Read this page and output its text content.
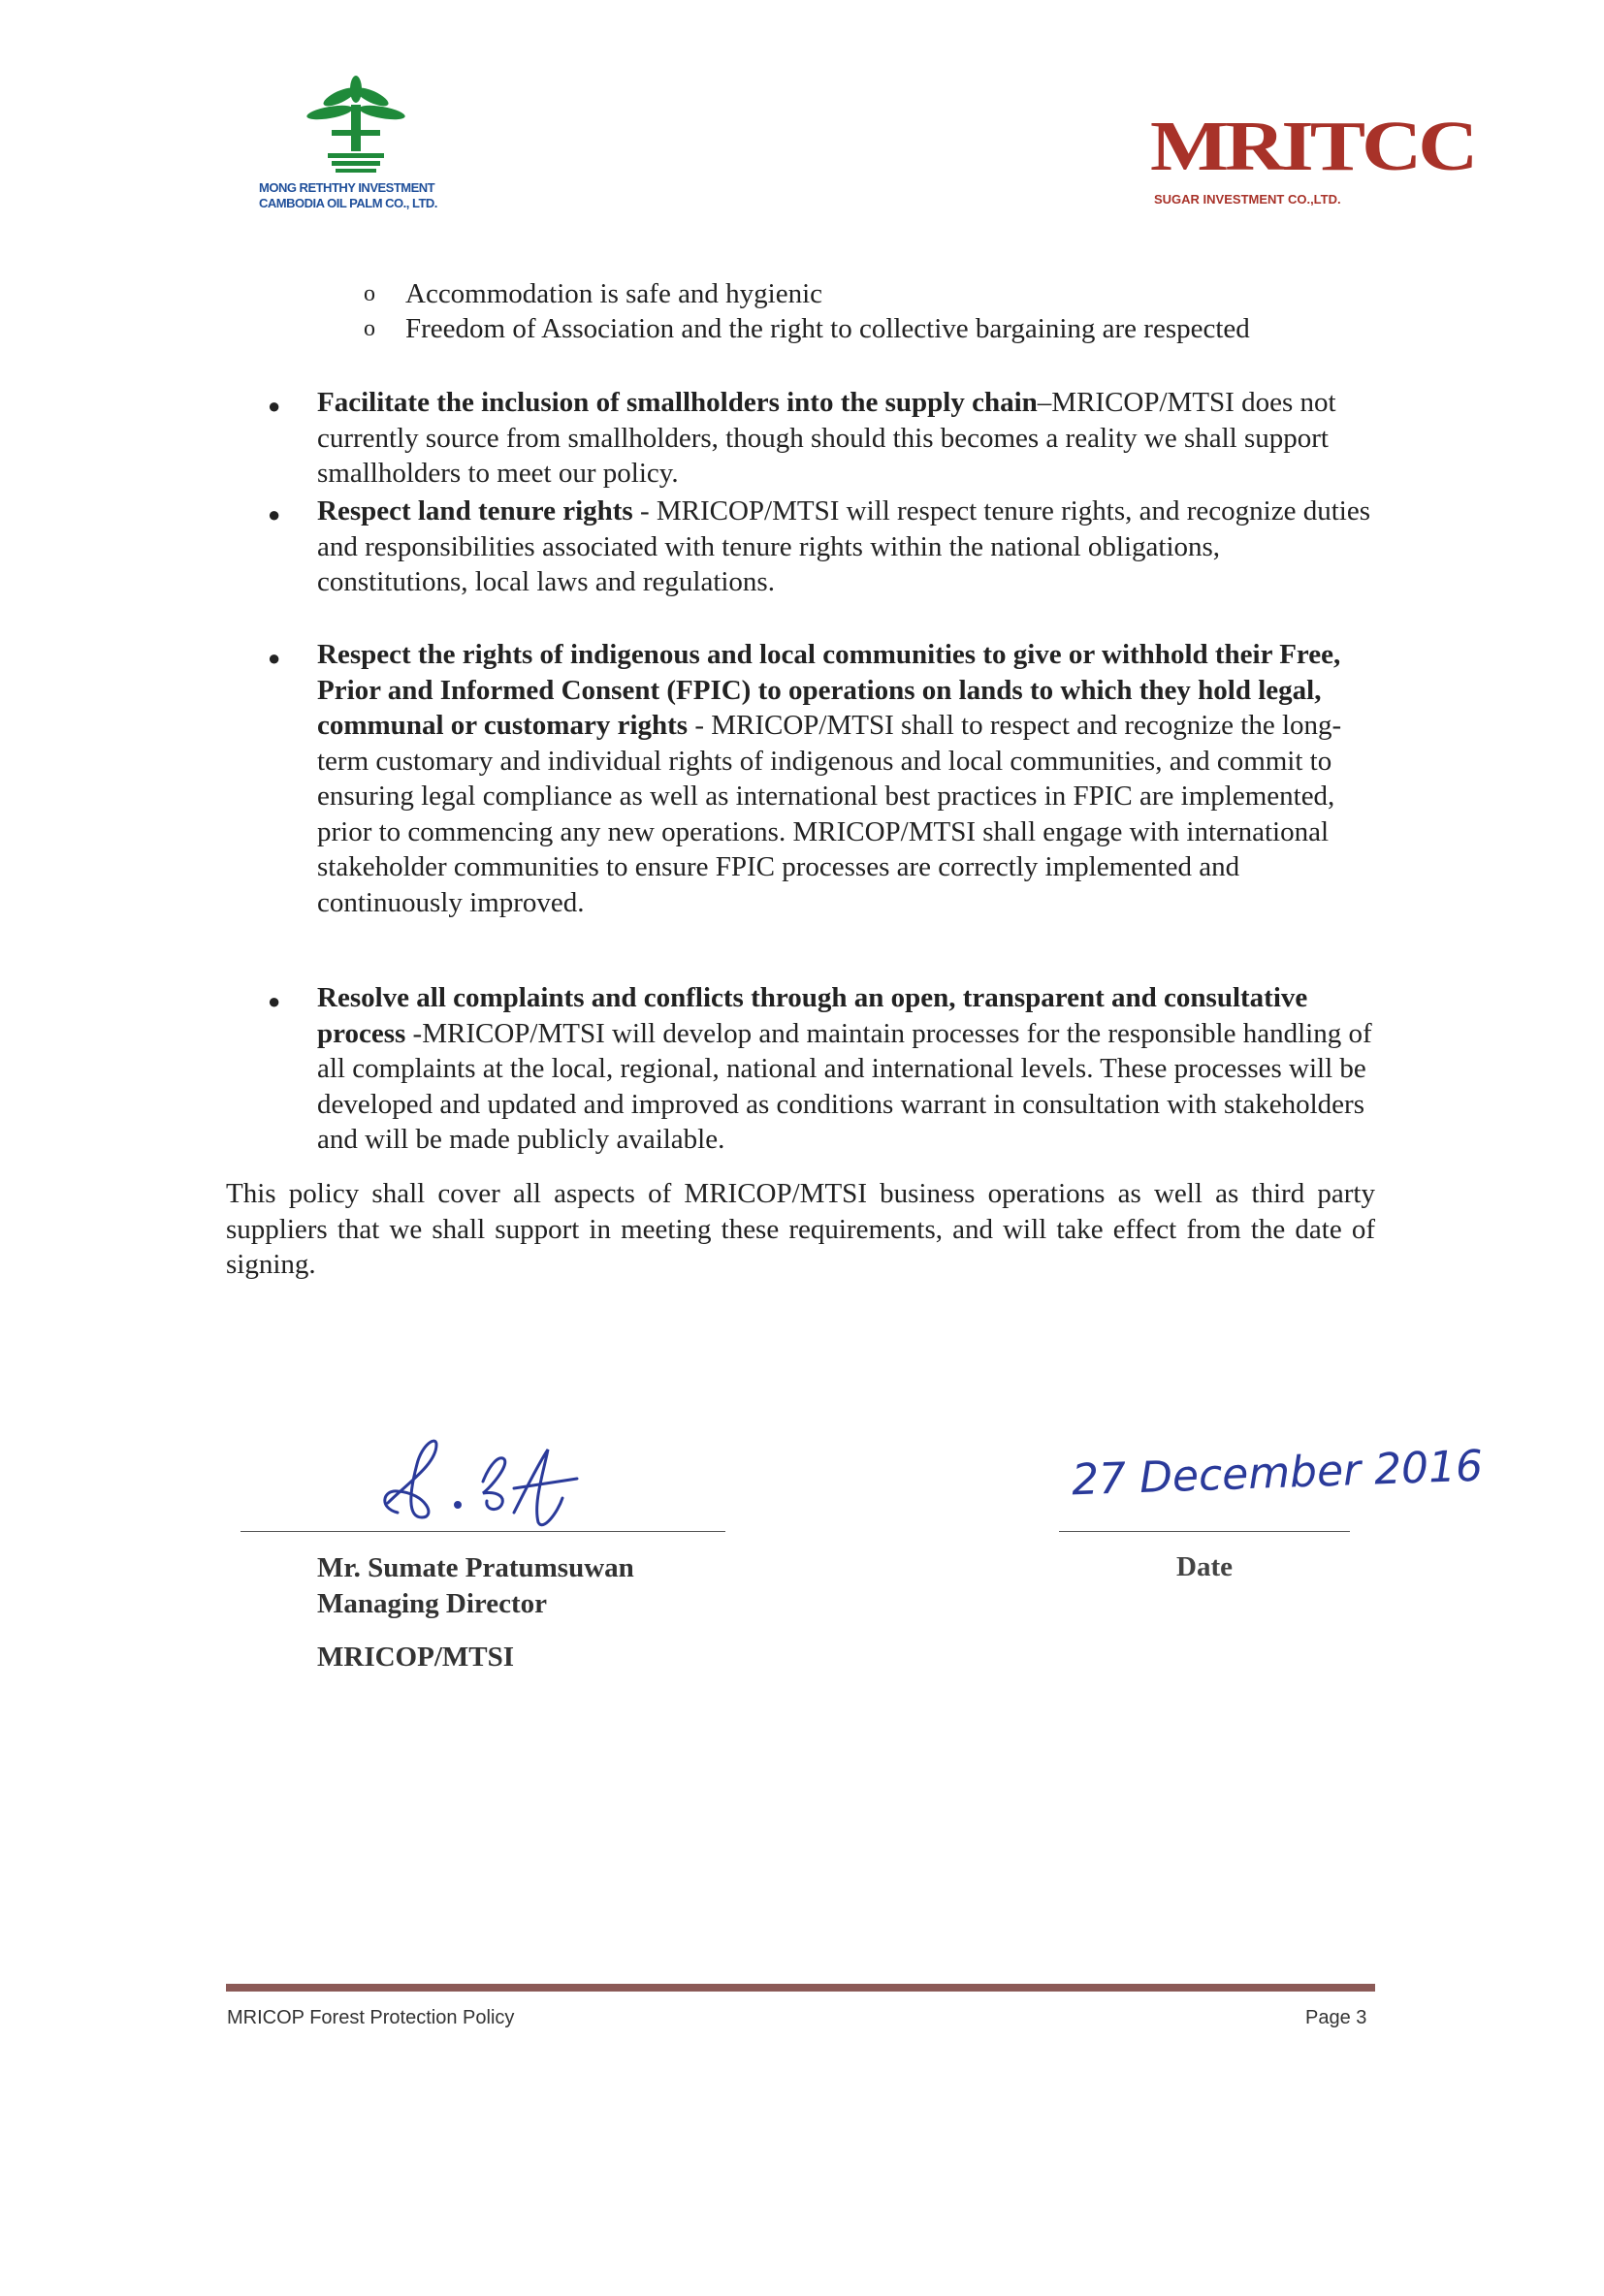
MONG RETHTHY INVESTMENT
CAMBODIA OIL PALM CO., LTD.
MRITCC
SUGAR INVESTMENT CO.,LTD.
o Accommodation is safe and hygienic

o Freedom of Association and the right to collective bargaining are respected

● Facilitate the inclusion of smallholders into the supply chain–MRICOP/MTSI does not currently source from smallholders, though should this becomes a reality we shall support smallholders to meet our policy.

● Respect land tenure rights - MRICOP/MTSI will respect tenure rights, and recognize duties and responsibilities associated with tenure rights within the national obligations, constitutions, local laws and regulations.

● Respect the rights of indigenous and local communities to give or withhold their Free, Prior and Informed Consent (FPIC) to operations on lands to which they hold legal, communal or customary rights - MRICOP/MTSI shall to respect and recognize the long-term customary and individual rights of indigenous and local communities, and commit to ensuring legal compliance as well as international best practices in FPIC are implemented, prior to commencing any new operations. MRICOP/MTSI shall engage with international stakeholder communities to ensure FPIC processes are correctly implemented and continuously improved.

● Resolve all complaints and conflicts through an open, transparent and consultative process -MRICOP/MTSI will develop and maintain processes for the responsible handling of all complaints at the local, regional, national and international levels. These processes will be developed and updated and improved as conditions warrant in consultation with stakeholders and will be made publicly available.

This policy shall cover all aspects of MRICOP/MTSI business operations as well as third party suppliers that we shall support in meeting these requirements, and will take effect from the date of signing.

Mr. Sumate Pratumsuwan
Managing Director
MRICOP/MTSI
27 December 2016
Date
MRICOP Forest Protection Policy	Page 3
